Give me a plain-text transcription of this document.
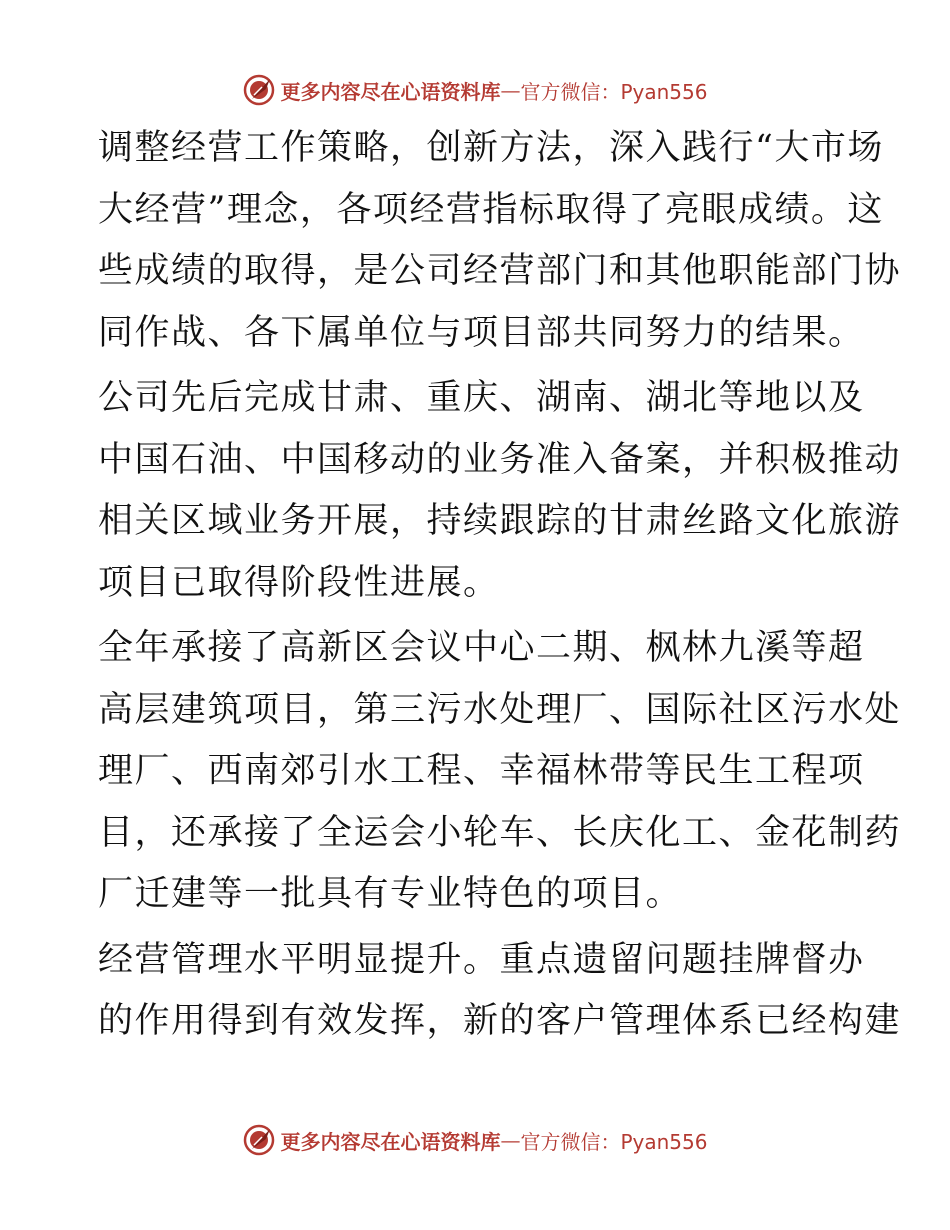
更多内容尽在心语资料库 — 官方微信：Pyan556
调整经营工作策略，创新方法，深入践行“大市场
大经营”理念，各项经营指标取得了亮眼成绩。这
些成绩的取得，是公司经营部门和其他职能部门协
同作战、各下属单位与项目部共同努力的结果。
公司先后完成甘肃、重庆、湖南、湖北等地以及
中国石油、中国移动的业务准入备案，并积极推动
相关区域业务开展，持续跟踪的甘肃丝路文化旅游
项目已取得阶段性进展。
全年承接了高新区会议中心二期、枫林九溪等超
高层建筑项目，第三污水处理厂、国际社区污水处
理厂、西南郊引水工程、幸福林带等民生工程项
目，还承接了全运会小轮车、长庆化工、金花制药
厂迁建等一批具有专业特色的项目。
经营管理水平明显提升。重点遗留问题挂牌督办
的作用得到有效发挥，新的客户管理体系已经构建
更多内容尽在心语资料库 — 官方微信：Pyan556
